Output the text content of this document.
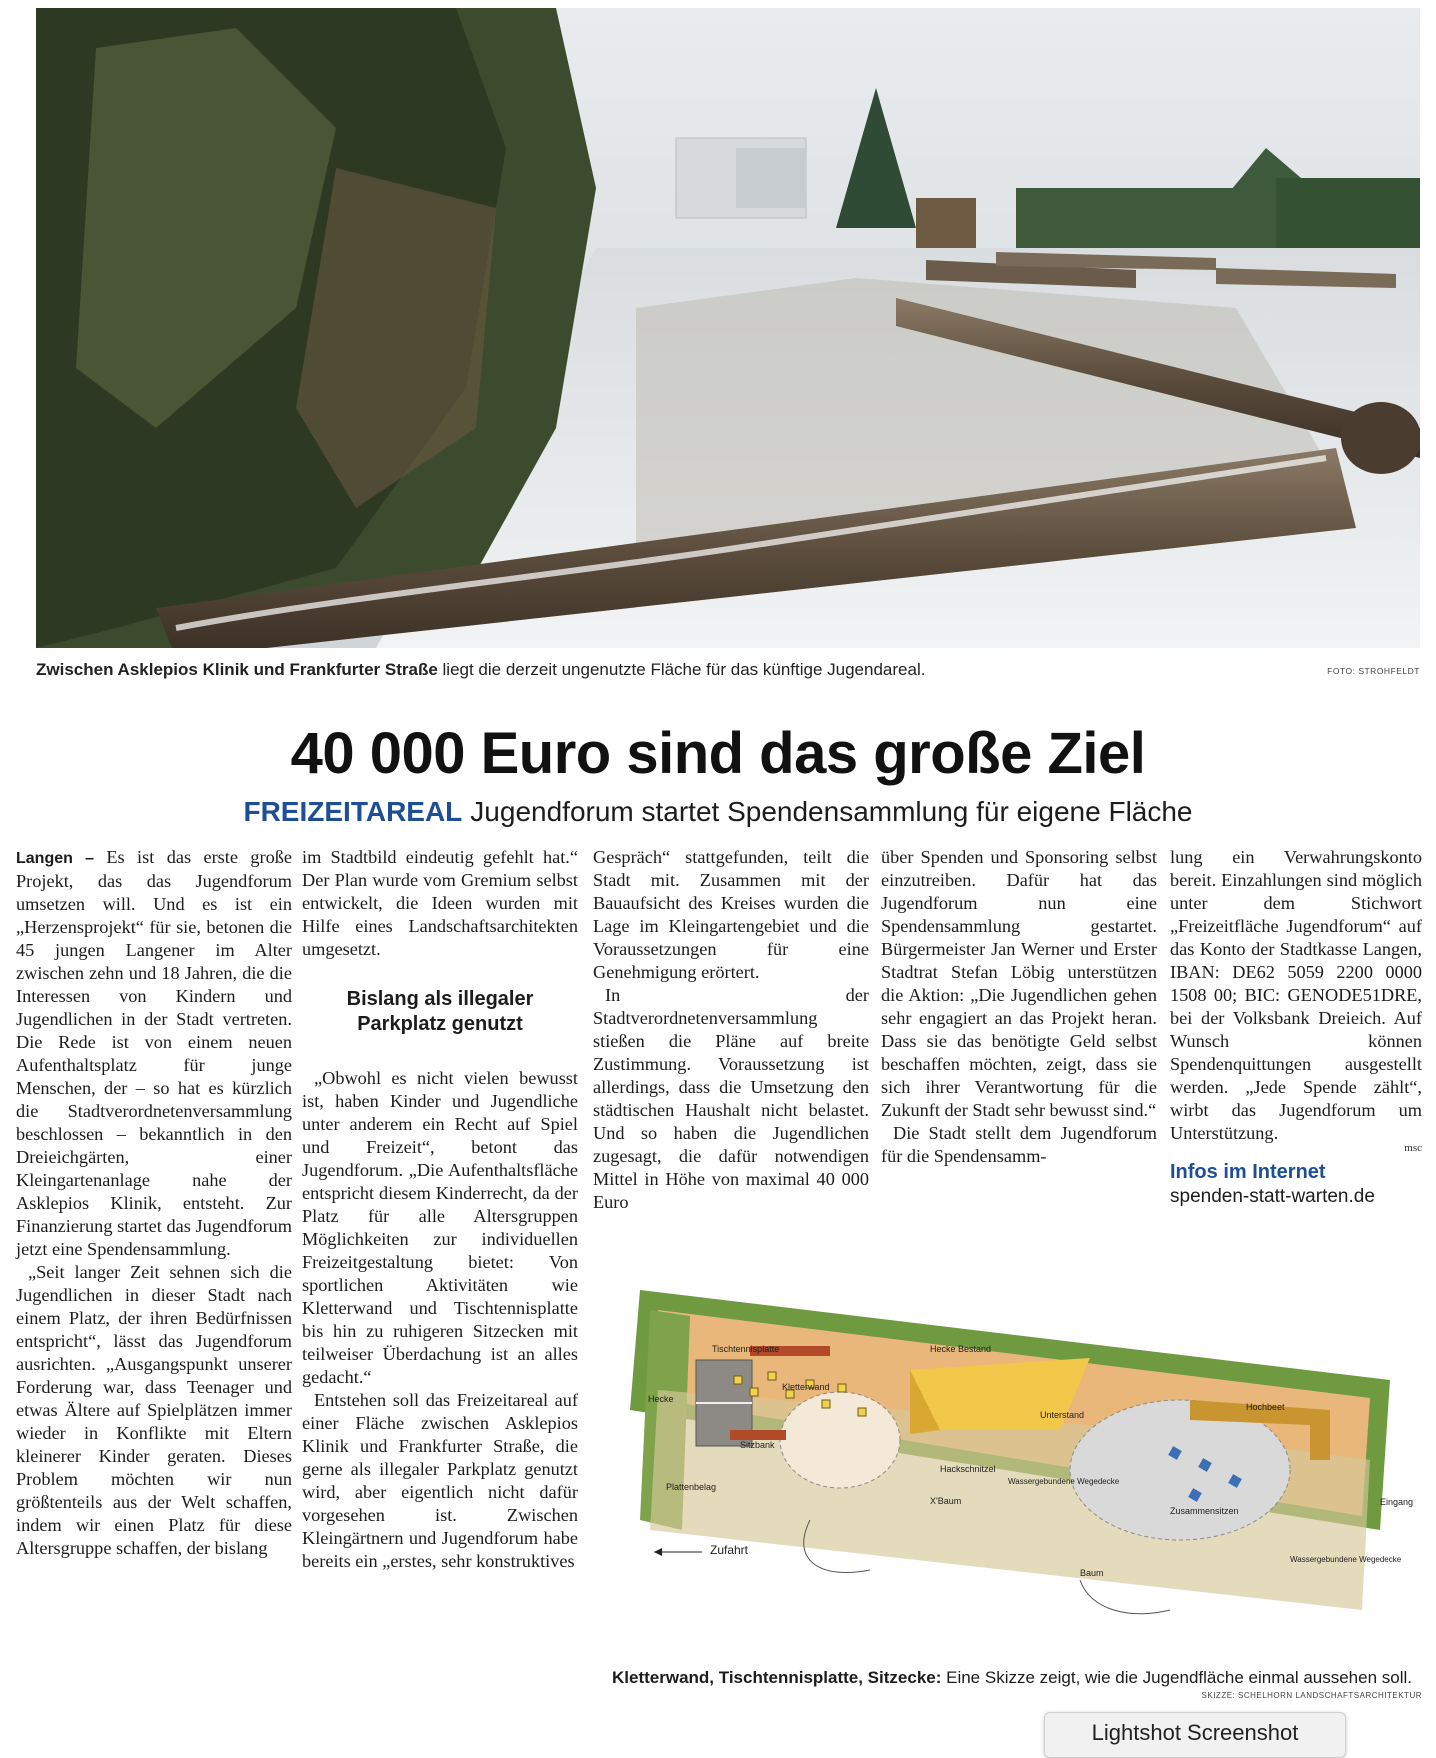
Zwischen Asklepios Klinik und Frankfurter Straße liegt die derzeit ungenutzte Fläche für das künftige Jugendareal.	FOTO: STROHFELDT
40 000 Euro sind das große Ziel
FREIZEITAREAL Jugendforum startet Spendensammlung für eigene Fläche

Langen – Es ist das erste große Projekt, das das Jugendforum umsetzen will. Und es ist ein „Herzensprojekt“ für sie, betonen die 45 jungen Langener im Alter zwischen zehn und 18 Jahren, die die Interessen von Kindern und Jugendlichen in der Stadt vertreten. Die Rede ist von einem neuen Aufenthaltsplatz für junge Menschen, der – so hat es kürzlich die Stadtverordnetenversammlung beschlossen – bekanntlich in den Dreieichgärten, einer Kleingartenanlage nahe der Asklepios Klinik, entsteht. Zur Finanzierung startet das Jugendforum jetzt eine Spendensammlung.

„Seit langer Zeit sehnen sich die Jugendlichen in dieser Stadt nach einem Platz, der ihren Bedürfnissen entspricht“, lässt das Jugendforum ausrichten. „Ausgangspunkt unserer Forderung war, dass Teenager und etwas Ältere auf Spielplätzen immer wieder in Konflikte mit Eltern kleinerer Kinder geraten. Dieses Problem möchten wir nun größtenteils aus der Welt schaffen, indem wir einen Platz für diese Altersgruppe schaffen, der bislang

im Stadtbild eindeutig gefehlt hat.“ Der Plan wurde vom Gremium selbst entwickelt, die Ideen wurden mit Hilfe eines Landschaftsarchitekten umgesetzt.

Bislang als illegaler Parkplatz genutzt

„Obwohl es nicht vielen bewusst ist, haben Kinder und Jugendliche unter anderem ein Recht auf Spiel und Freizeit“, betont das Jugendforum. „Die Aufenthaltsfläche entspricht diesem Kinderrecht, da der Platz für alle Altersgruppen Möglichkeiten zur individuellen Freizeitgestaltung bietet: Von sportlichen Aktivitäten wie Kletterwand und Tischtennisplatte bis hin zu ruhigeren Sitzecken mit teilweiser Überdachung ist an alles gedacht.“

Entstehen soll das Freizeitareal auf einer Fläche zwischen Asklepios Klinik und Frankfurter Straße, die gerne als illegaler Parkplatz genutzt wird, aber eigentlich nicht dafür vorgesehen ist. Zwischen Kleingärtnern und Jugendforum habe bereits ein „erstes, sehr konstruktives

Gespräch“ stattgefunden, teilt die Stadt mit. Zusammen mit der Bauaufsicht des Kreises wurden die Lage im Kleingartengebiet und die Voraussetzungen für eine Genehmigung erörtert.

In der Stadtverordnetenversammlung stießen die Pläne auf breite Zustimmung. Voraussetzung ist allerdings, dass die Umsetzung den städtischen Haushalt nicht belastet. Und so haben die Jugendlichen zugesagt, die dafür notwendigen Mittel in Höhe von maximal 40 000 Euro

über Spenden und Sponsoring selbst einzutreiben. Dafür hat das Jugendforum nun eine Spendensammlung gestartet. Bürgermeister Jan Werner und Erster Stadtrat Stefan Löbig unterstützen die Aktion: „Die Jugendlichen gehen sehr engagiert an das Projekt heran. Dass sie das benötigte Geld selbst beschaffen möchten, zeigt, dass sie sich ihrer Verantwortung für die Zukunft der Stadt sehr bewusst sind.“

Die Stadt stellt dem Jugendforum für die Spendensamm-

lung ein Verwahrungskonto bereit. Einzahlungen sind möglich unter dem Stichwort „Freizeitfläche Jugendforum“ auf das Konto der Stadtkasse Langen, IBAN: DE62 5059 2200 0000 1508 00; BIC: GENODE51DRE, bei der Volksbank Dreieich. Auf Wunsch können Spendenquittungen ausgestellt werden. „Jede Spende zählt“, wirbt das Jugendforum um Unterstützung.

msc
Infos im Internet
spenden-statt-warten.de
Tischtennisplatte
Hecke
Hecke Bestand
Kletterwand
Plattenbelag
Sitzbank
Hackschnitzel
Unterstand
X'Baum
Wassergebundene Wegedecke
Hochbeet
Zusammensitzen
Eingang
Zufahrt
Baum
Wassergebundene Wegedecke
Kletterwand, Tischtennisplatte, Sitzecke: Eine Skizze zeigt, wie die Jugendfläche einmal aussehen soll.
SKIZZE: SCHELHORN LANDSCHAFTSARCHITEKTUR
Lightshot Screenshot
